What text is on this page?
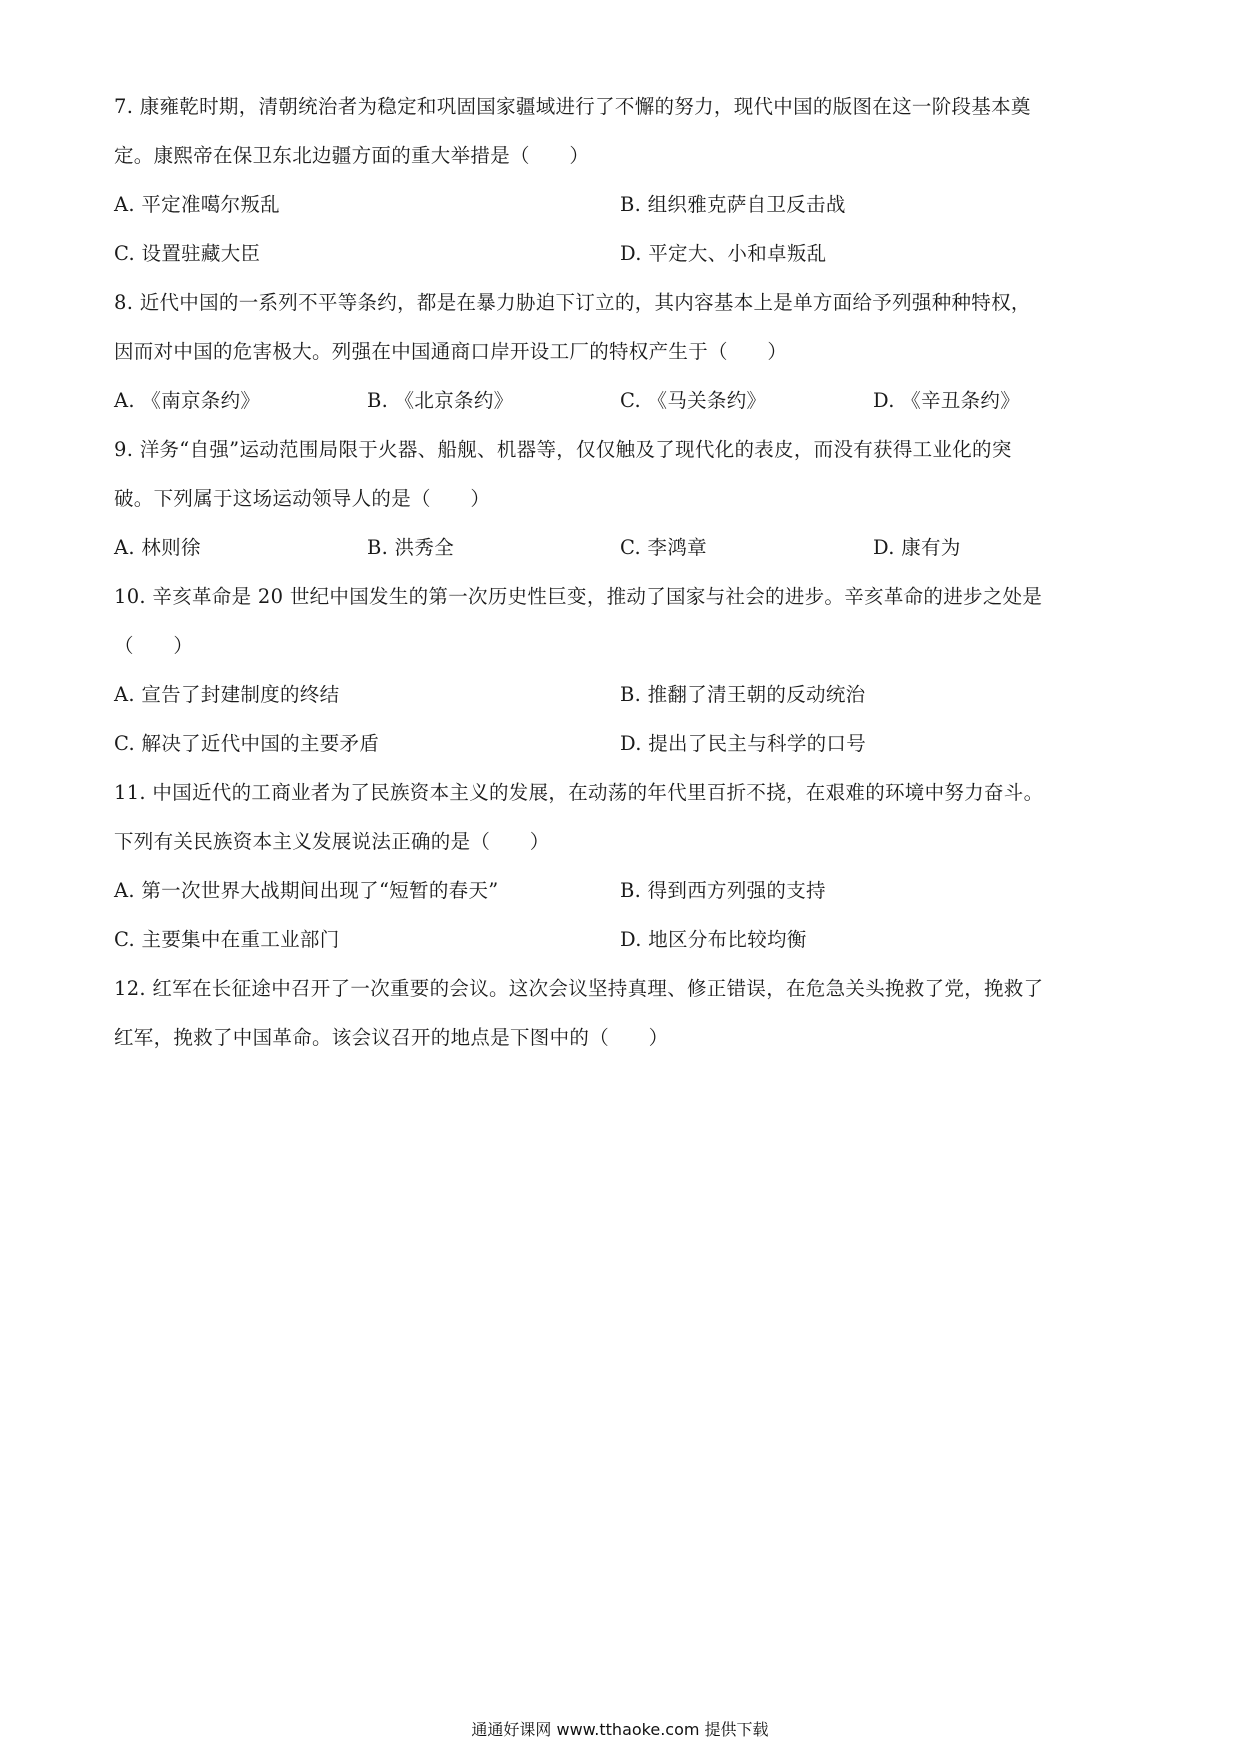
7. 康雍乾时期，清朝统治者为稳定和巩固国家疆域进行了不懈的努力，现代中国的版图在这一阶段基本奠

定。康熙帝在保卫东北边疆方面的重大举措是（　　）

A. 平定准噶尔叛乱	B. 组织雅克萨自卫反击战
C. 设置驻藏大臣	D. 平定大、小和卓叛乱

8. 近代中国的一系列不平等条约，都是在暴力胁迫下订立的，其内容基本上是单方面给予列强种种特权，

因而对中国的危害极大。列强在中国通商口岸开设工厂的特权产生于（　　）

A. 《南京条约》	B. 《北京条约》	C. 《马关条约》	D. 《辛丑条约》

9. 洋务“自强”运动范围局限于火器、船舰、机器等，仅仅触及了现代化的表皮，而没有获得工业化的突

破。下列属于这场运动领导人的是（　　）

A. 林则徐	B. 洪秀全	C. 李鸿章	D. 康有为

10. 辛亥革命是 20 世纪中国发生的第一次历史性巨变，推动了国家与社会的进步。辛亥革命的进步之处是

（　　）

A. 宣告了封建制度的终结	B. 推翻了清王朝的反动统治
C. 解决了近代中国的主要矛盾	D. 提出了民主与科学的口号

11. 中国近代的工商业者为了民族资本主义的发展，在动荡的年代里百折不挠，在艰难的环境中努力奋斗。

下列有关民族资本主义发展说法正确的是（　　）

A. 第一次世界大战期间出现了“短暂的春天”	B. 得到西方列强的支持
C. 主要集中在重工业部门	D. 地区分布比较均衡

12. 红军在长征途中召开了一次重要的会议。这次会议坚持真理、修正错误，在危急关头挽救了党，挽救了

红军，挽救了中国革命。该会议召开的地点是下图中的（　　）

通通好课网 www.tthaoke.com 提供下载
